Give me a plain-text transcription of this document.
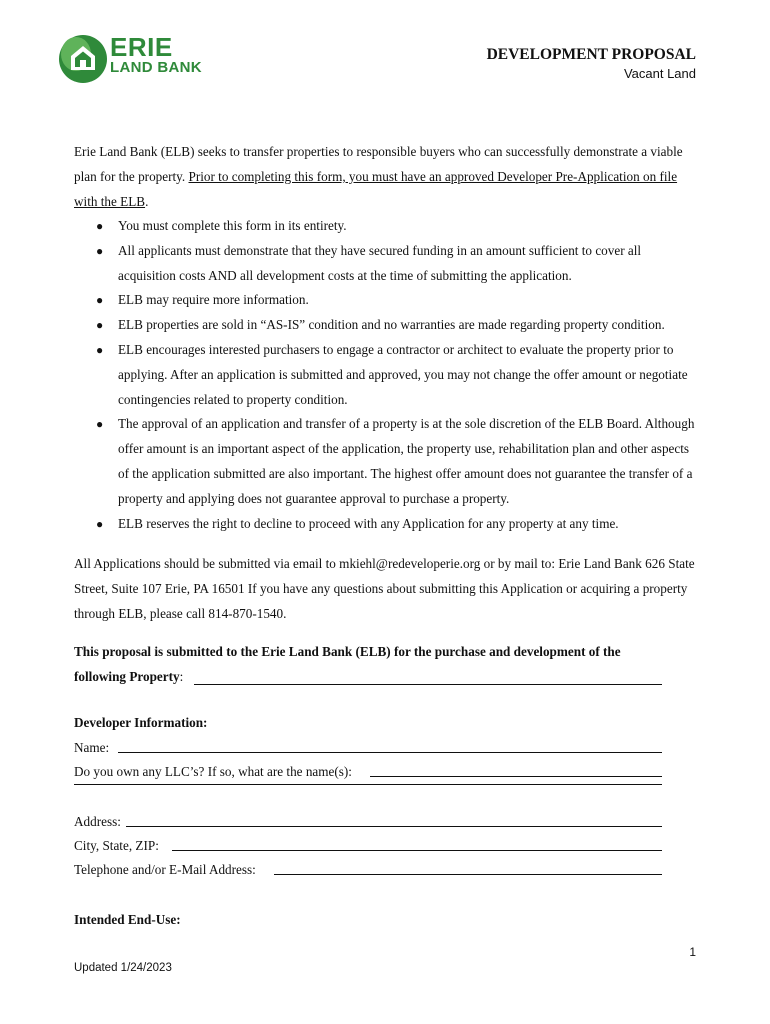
ERIE
LAND BANK
DEVELOPMENT PROPOSAL
Vacant Land
Erie Land Bank (ELB) seeks to transfer properties to responsible buyers who can successfully demonstrate a viable plan for the property. Prior to completing this form, you must have an approved Developer Pre-Application on file with the ELB.
● You must complete this form in its entirety.
● All applicants must demonstrate that they have secured funding in an amount sufficient to cover all acquisition costs AND all development costs at the time of submitting the application.
● ELB may require more information.
● ELB properties are sold in “AS-IS” condition and no warranties are made regarding property condition.
● ELB encourages interested purchasers to engage a contractor or architect to evaluate the property prior to applying. After an application is submitted and approved, you may not change the offer amount or negotiate contingencies related to property condition.
● The approval of an application and transfer of a property is at the sole discretion of the ELB Board. Although offer amount is an important aspect of the application, the property use, rehabilitation plan and other aspects of the application submitted are also important. The highest offer amount does not guarantee the transfer of a property and applying does not guarantee approval to purchase a property.
● ELB reserves the right to decline to proceed with any Application for any property at any time.
All Applications should be submitted via email to mkiehl@redeveloperie.org or by mail to: Erie Land Bank 626 State Street, Suite 107 Erie, PA 16501 If you have any questions about submitting this Application or acquiring a property through ELB, please call 814-870-1540.
This proposal is submitted to the Erie Land Bank (ELB) for the purchase and development of the
following Property:
Developer Information:
Name:
Do you own any LLC’s? If so, what are the name(s):
Address:
City, State, ZIP:
Telephone and/or E-Mail Address:
Intended End-Use:
1
Updated 1/24/2023
